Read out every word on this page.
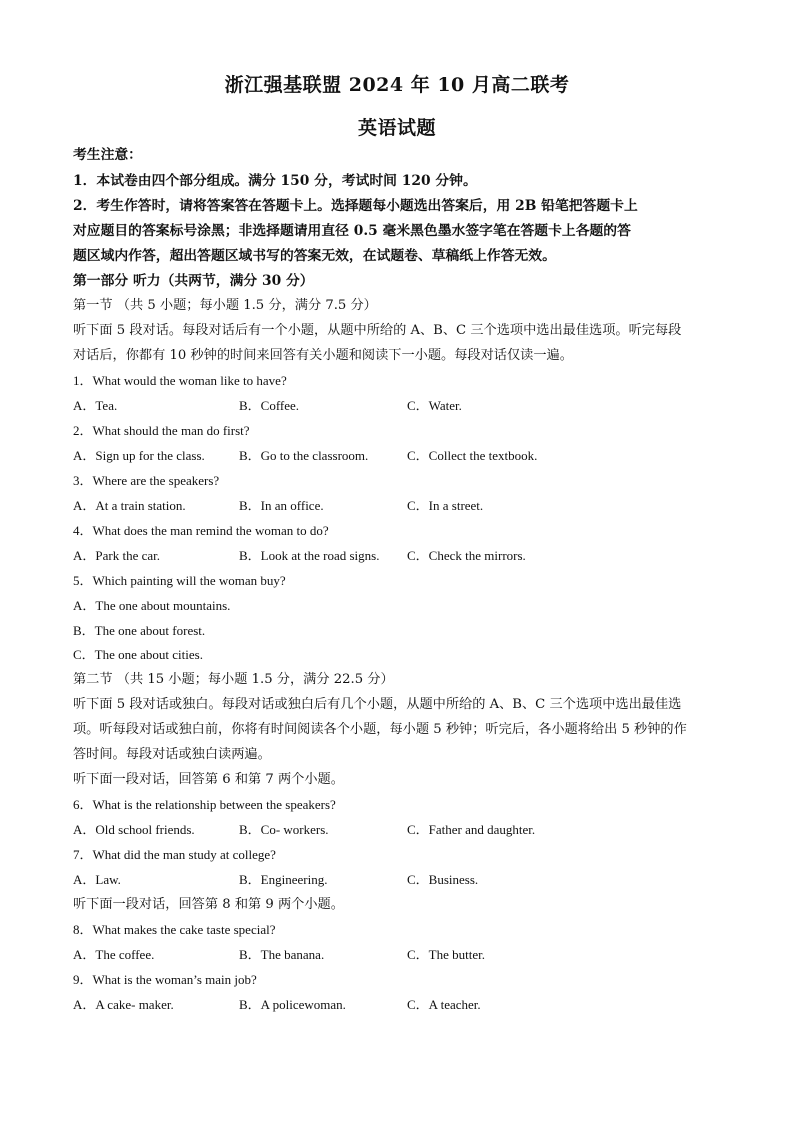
浙江强基联盟 2024 年 10 月高二联考
英语试题
考生注意：
1．本试卷由四个部分组成。满分 150 分，考试时间 120 分钟。
2．考生作答时，请将答案答在答题卡上。选择题每小题选出答案后，用 2B 铅笔把答题卡上
对应题目的答案标号涂黑；非选择题请用直径 0.5 毫米黑色墨水签字笔在答题卡上各题的答
题区域内作答，超出答题区域书写的答案无效，在试题卷、草稿纸上作答无效。
第一部分 听力（共两节，满分 30 分）
第一节 （共 5 小题；每小题 1.5 分，满分 7.5 分）
听下面 5 段对话。每段对话后有一个小题，从题中所给的 A、B、C 三个选项中选出最佳选项。听完每段
对话后，你都有 10 秒钟的时间来回答有关小题和阅读下一小题。每段对话仅读一遍。
1．What would the woman like to have?
A．Tea.	B．Coffee.	C．Water.
2．What should the man do first?
A．Sign up for the class.	B．Go to the classroom.	C．Collect the textbook.
3．Where are the speakers?
A．At a train station.	B．In an office.	C．In a street.
4．What does the man remind the woman to do?
A．Park the car.	B．Look at the road signs. C．Check the mirrors.
5．Which painting will the woman buy?
A．The one about mountains.
B．The one about forest.
C．The one about cities.
第二节 （共 15 小题；每小题 1.5 分，满分 22.5 分）
听下面 5 段对话或独白。每段对话或独白后有几个小题，从题中所给的 A、B、C 三个选项中选出最佳选
项。听每段对话或独白前，你将有时间阅读各个小题，每小题 5 秒钟；听完后，各小题将给出 5 秒钟的作
答时间。每段对话或独白读两遍。
听下面一段对话，回答第 6 和第 7 两个小题。
6．What is the relationship between the speakers?
A．Old school friends.	B．Co- workers.	C．Father and daughter.
7．What did the man study at college?
A．Law.	B．Engineering.	C．Business.
听下面一段对话，回答第 8 和第 9 两个小题。
8．What makes the cake taste special?
A．The coffee.	B．The banana.	C．The butter.
9．What is the woman’s main job?
A．A cake- maker.	B．A policewoman.	C．A teacher.
